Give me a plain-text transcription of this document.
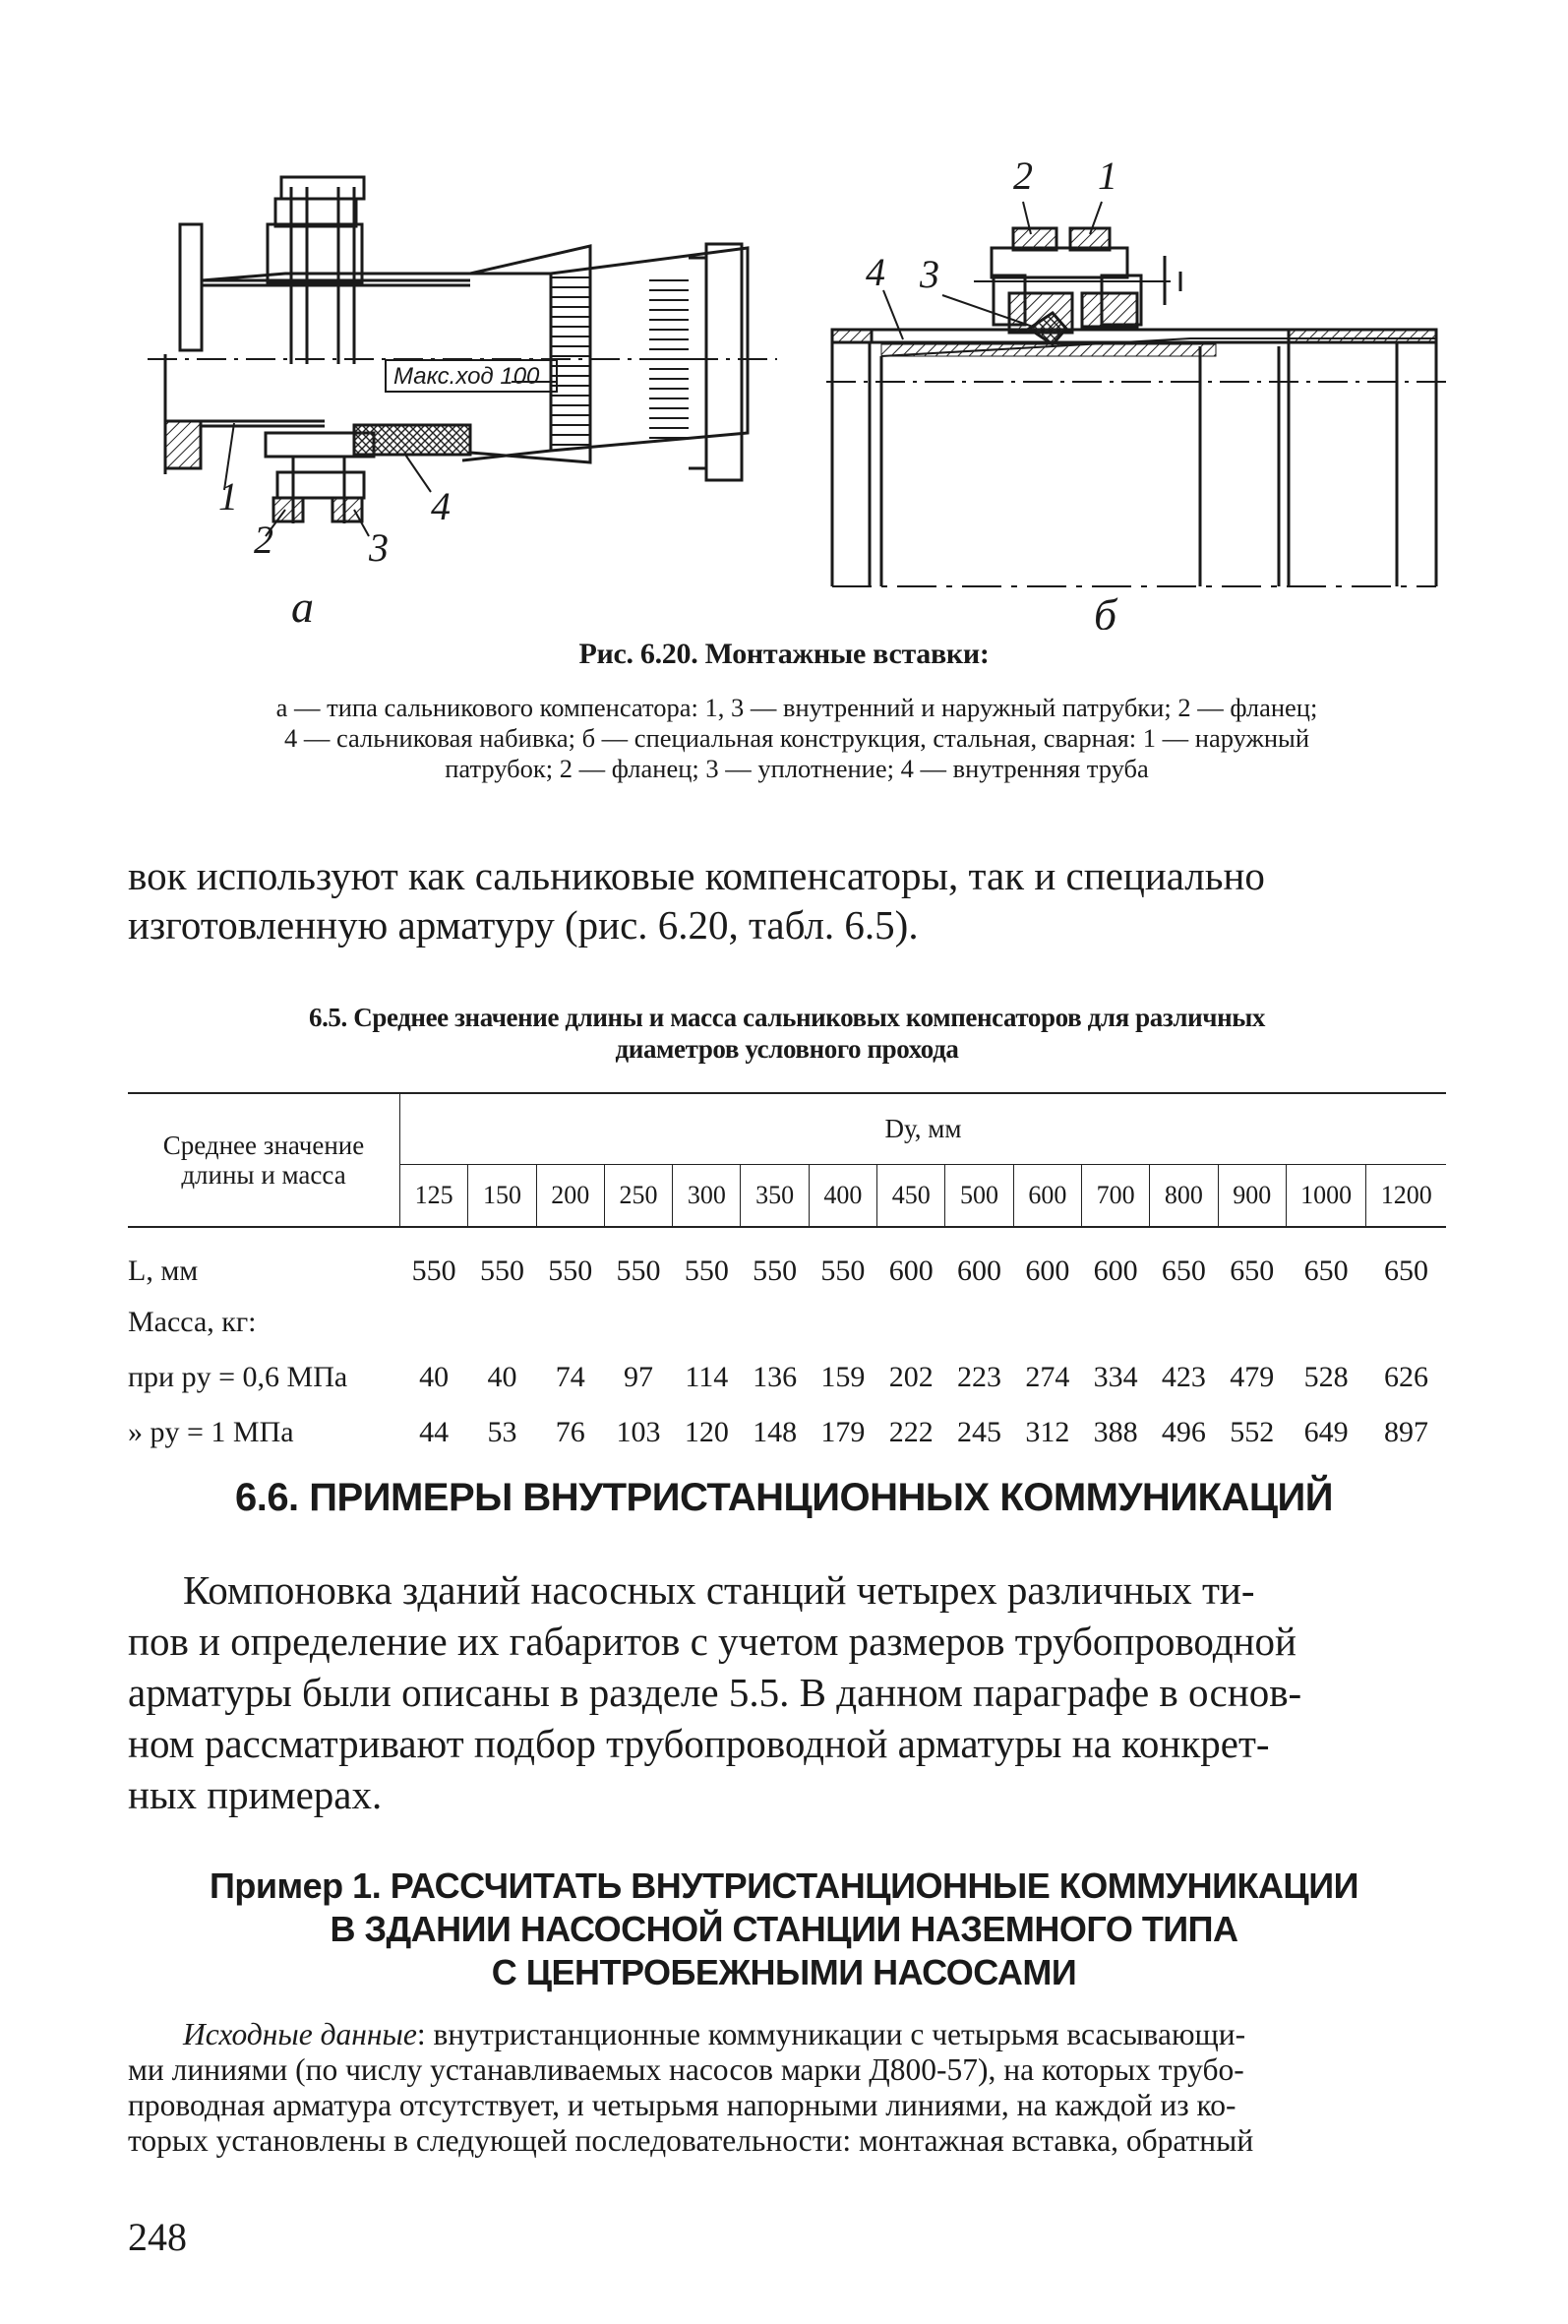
Макс.ход 100
1
2 3
4
а
2 1
4 3
б
Рис. 6.20. Монтажные вставки:
а — типа сальникового компенсатора: 1, 3 — внутренний и наружный патрубки; 2 — фланец;
4 — сальниковая набивка; б — специальная конструкция, стальная, сварная: 1 — наружный
патрубок; 2 — фланец; 3 — уплотнение; 4 — внутренняя труба
вок используют как сальниковые компенсаторы, так и специально
изготовленную арматуру (рис. 6.20, табл. 6.5).
6.5. Среднее значение длины и масса сальниковых компенсаторов для различных
диаметров условного прохода
Среднее значение длины и масса	Dу, мм														
	125	150	200	250	300	350	400	450	500	600	700	800	900	1000	1200
L, мм	550	550	550	550	550	550	550	600	600	600	600	650	650	650	650
Масса, кг:															
при pу = 0,6 МПа	40	40	74	97	114	136	159	202	223	274	334	423	479	528	626
» pу = 1 МПа	44	53	76	103	120	148	179	222	245	312	388	496	552	649	897
6.6. ПРИМЕРЫ ВНУТРИСТАНЦИОННЫХ КОММУНИКАЦИЙ
Компоновка зданий насосных станций четырех различных ти-
пов и определение их габаритов с учетом размеров трубопроводной
арматуры были описаны в разделе 5.5. В данном параграфе в основ-
ном рассматривают подбор трубопроводной арматуры на конкрет-
ных примерах.
Пример 1. РАССЧИТАТЬ ВНУТРИСТАНЦИОННЫЕ КОММУНИКАЦИИ
В ЗДАНИИ НАСОСНОЙ СТАНЦИИ НАЗЕМНОГО ТИПА
С ЦЕНТРОБЕЖНЫМИ НАСОСАМИ
Исходные данные: внутристанционные коммуникации с четырьмя всасывающи-
ми линиями (по числу устанавливаемых насосов марки Д800-57), на которых трубо-
проводная арматура отсутствует, и четырьмя напорными линиями, на каждой из ко-
торых установлены в следующей последовательности: монтажная вставка, обратный
248
